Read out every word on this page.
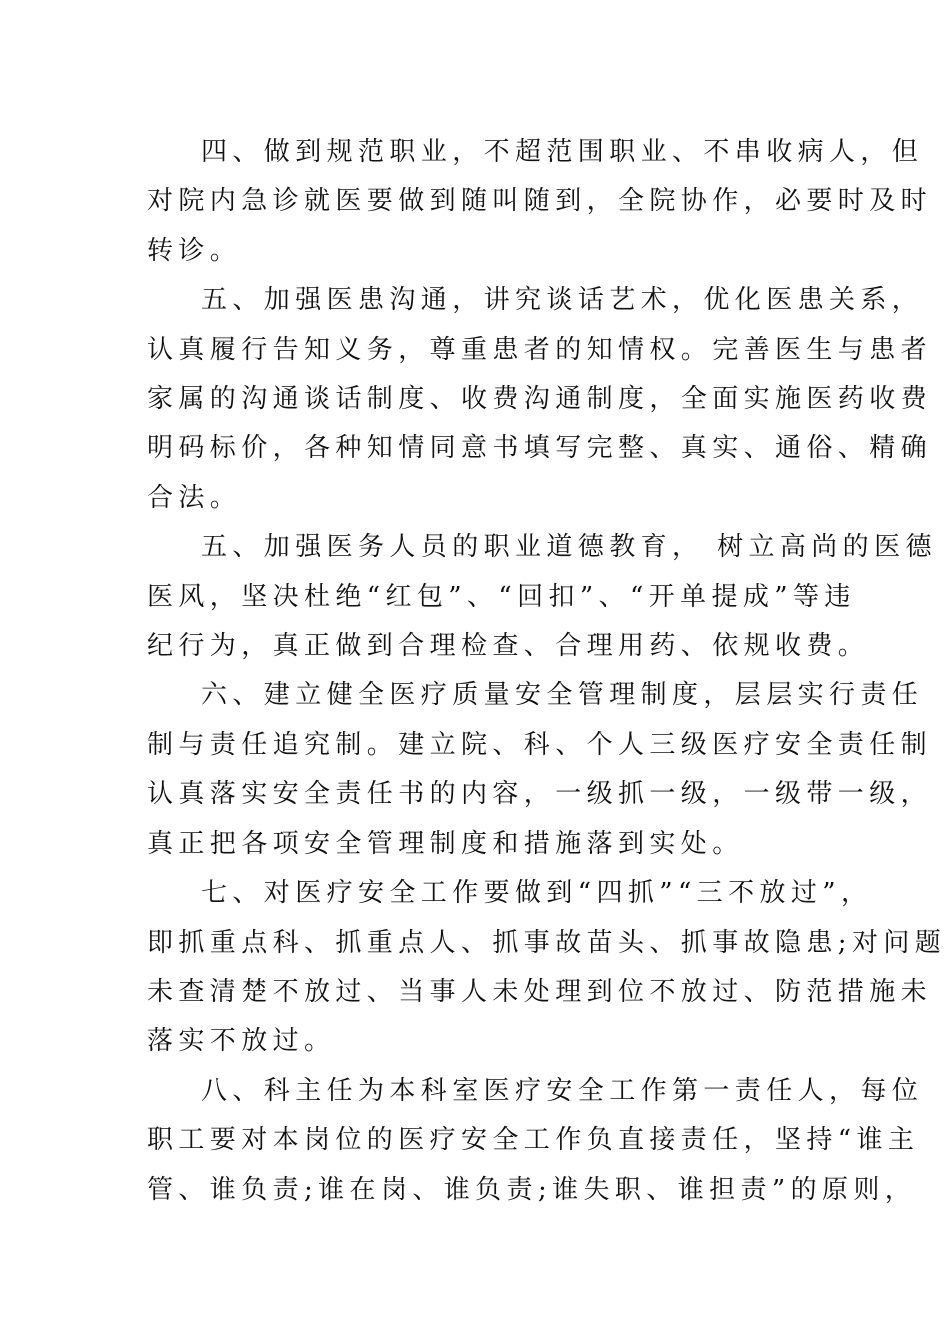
四、做到规范职业，不超范围职业、不串收病人，但
对院内急诊就医要做到随叫随到，全院协作，必要时及时
转诊。

五、加强医患沟通，讲究谈话艺术，优化医患关系，
认真履行告知义务，尊重患者的知情权。完善医生与患者
家属的沟通谈话制度、收费沟通制度，全面实施医药收费
明码标价，各种知情同意书填写完整、真实、通俗、精确
合法。

五、加强医务人员的职业道德教育， 树立高尚的医德
医风，坚决杜绝“红包”、“回扣”、“开单提成”等违
纪行为，真正做到合理检查、合理用药、依规收费。

六、建立健全医疗质量安全管理制度，层层实行责任
制与责任追究制。建立院、科、个人三级医疗安全责任制
认真落实安全责任书的内容，一级抓一级，一级带一级，
真正把各项安全管理制度和措施落到实处。

七、对医疗安全工作要做到“四抓”“三不放过”，
即抓重点科、抓重点人、抓事故苗头、抓事故隐患;对问题
未查清楚不放过、当事人未处理到位不放过、防范措施未
落实不放过。

八、科主任为本科室医疗安全工作第一责任人，每位
职工要对本岗位的医疗安全工作负直接责任，坚持“谁主
管、谁负责;谁在岗、谁负责;谁失职、谁担责”的原则，
